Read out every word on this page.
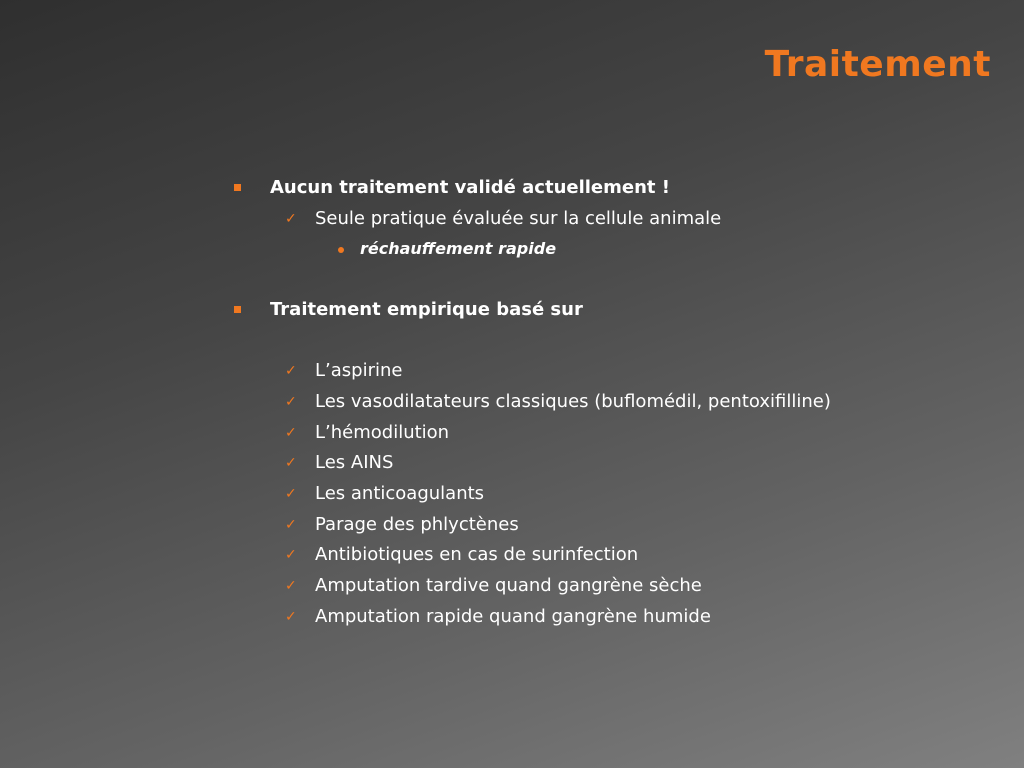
Traitement
Aucun traitement validé actuellement !
✓ Seule pratique évaluée sur la cellule animale
réchauffement rapide
Traitement empirique basé sur
✓ L’aspirine
✓ Les vasodilatateurs classiques (buflomédil, pentoxifilline)
✓ L’hémodilution
✓ Les AINS
✓ Les anticoagulants
✓ Parage des phlyctènes
✓ Antibiotiques en cas de surinfection
✓ Amputation tardive quand gangrène sèche
✓ Amputation rapide quand gangrène humide
